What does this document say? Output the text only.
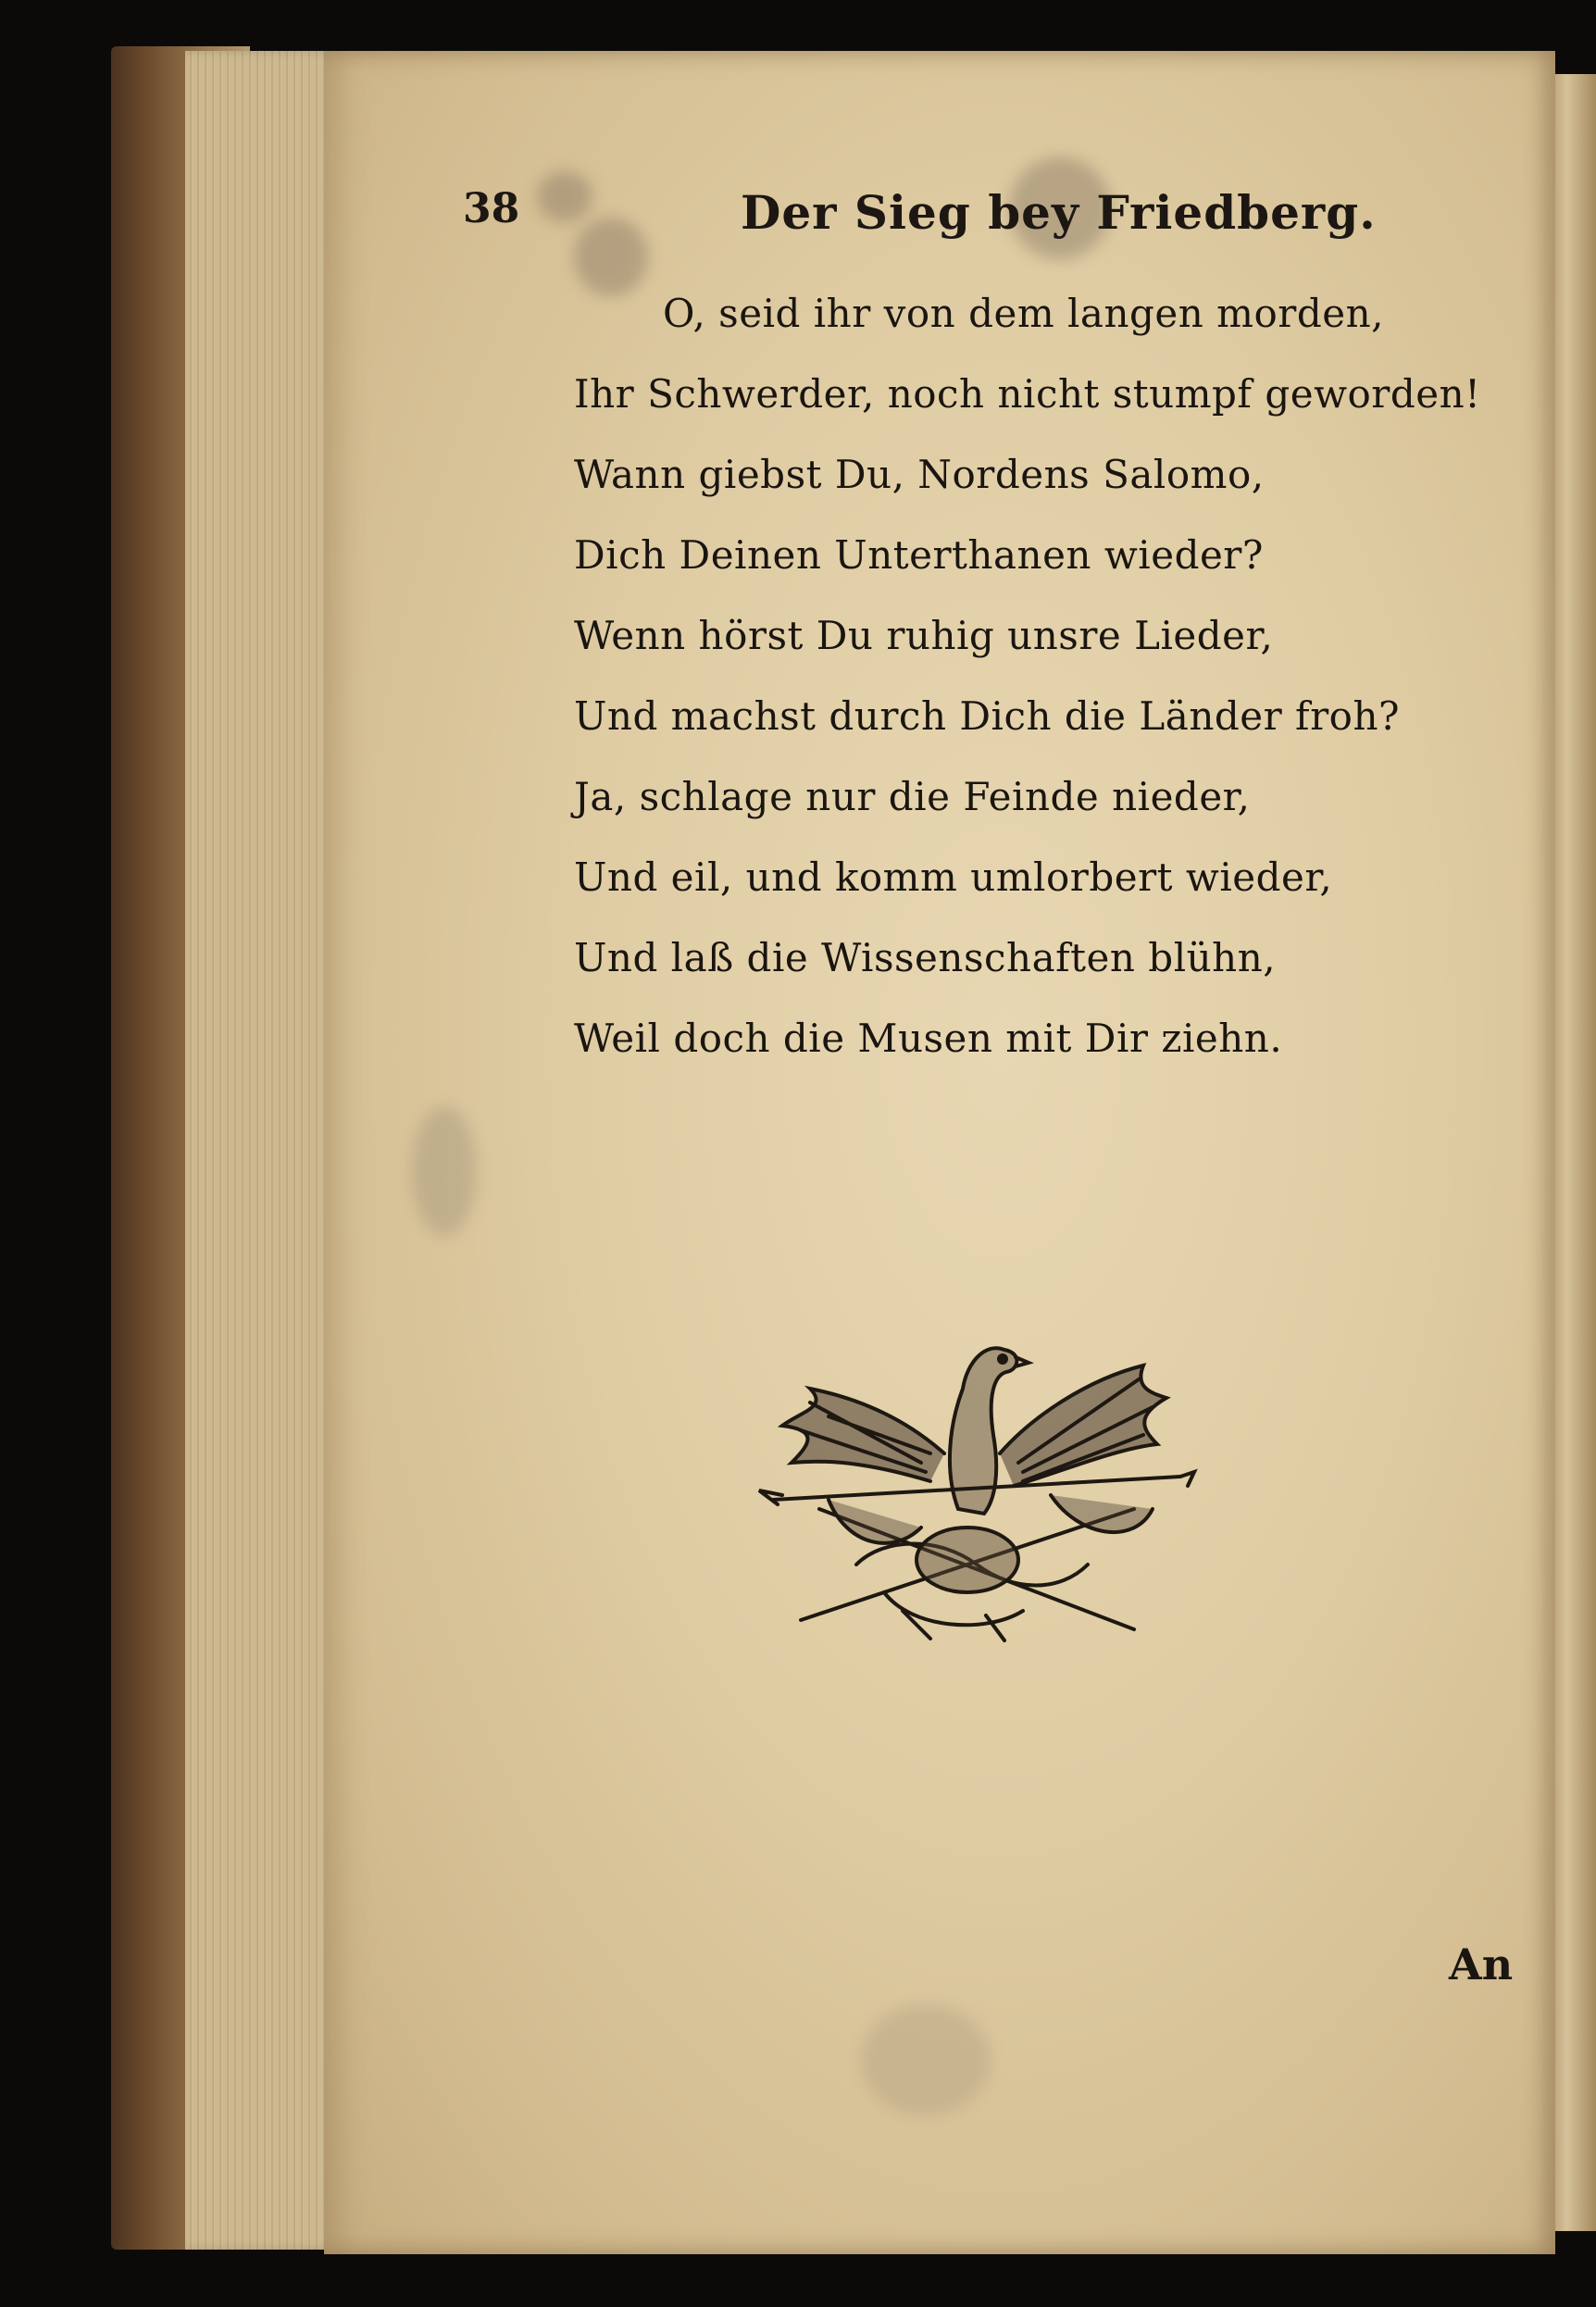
38	Der Sieg bey Friedberg.
O, seid ihr von dem langen morden,
Ihr Schwerder, noch nicht stumpf geworden!
Wann giebst Du, Nordens Salomo,
Dich Deinen Unterthanen wieder?
Wenn hörst Du ruhig unsre Lieder,
Und machst durch Dich die Länder froh?
Ja, schlage nur die Feinde nieder,
Und eil, und komm umlorbert wieder,
Und laß die Wissenschaften blühn,
Weil doch die Musen mit Dir ziehn.
An
